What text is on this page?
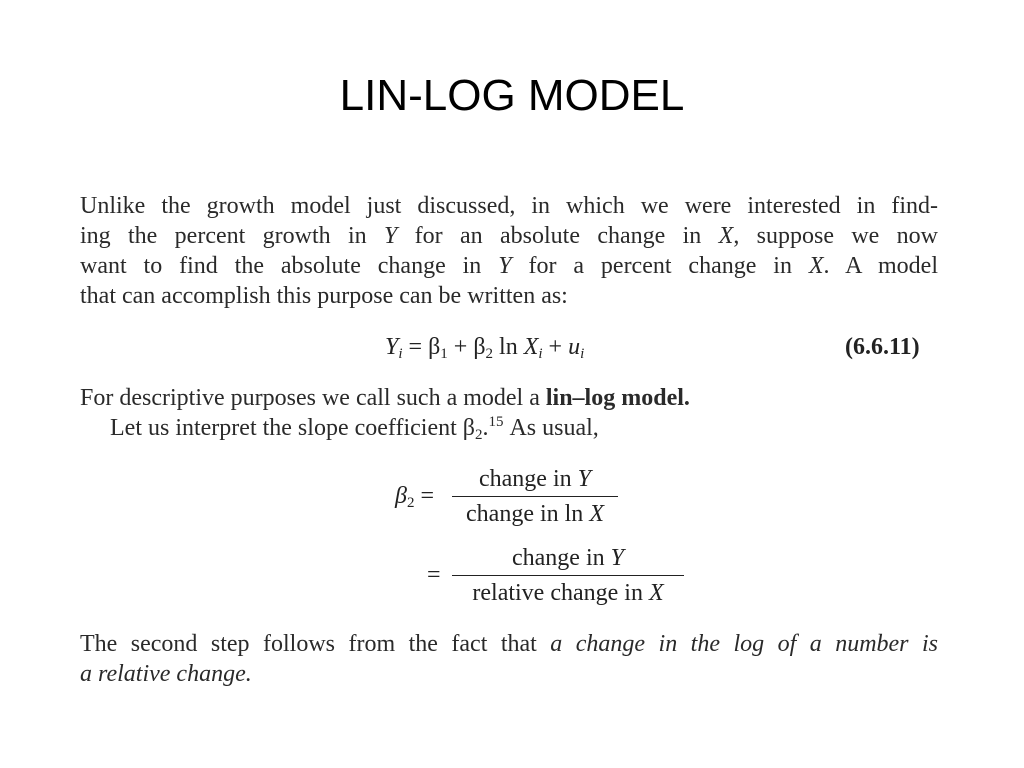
LIN-LOG MODEL
Unlike the growth model just discussed, in which we were interested in find-
ing the percent growth in Y for an absolute change in X, suppose we now
want to find the absolute change in Y for a percent change in X. A model
that can accomplish this purpose can be written as:
$Y_i = \beta_1 + \beta_2$ $\ln X_i + u_i$	(6.6.11)
For descriptive purposes we call such a model a lin–log model.
Let us interpret the slope coefficient $\beta_2.^{15}$ As usual,
$\beta_2$ =
change in Y
change in ln X
=
change in Y
relative change in X
The second step follows from the fact that a change in the log of a number is
a relative change.
